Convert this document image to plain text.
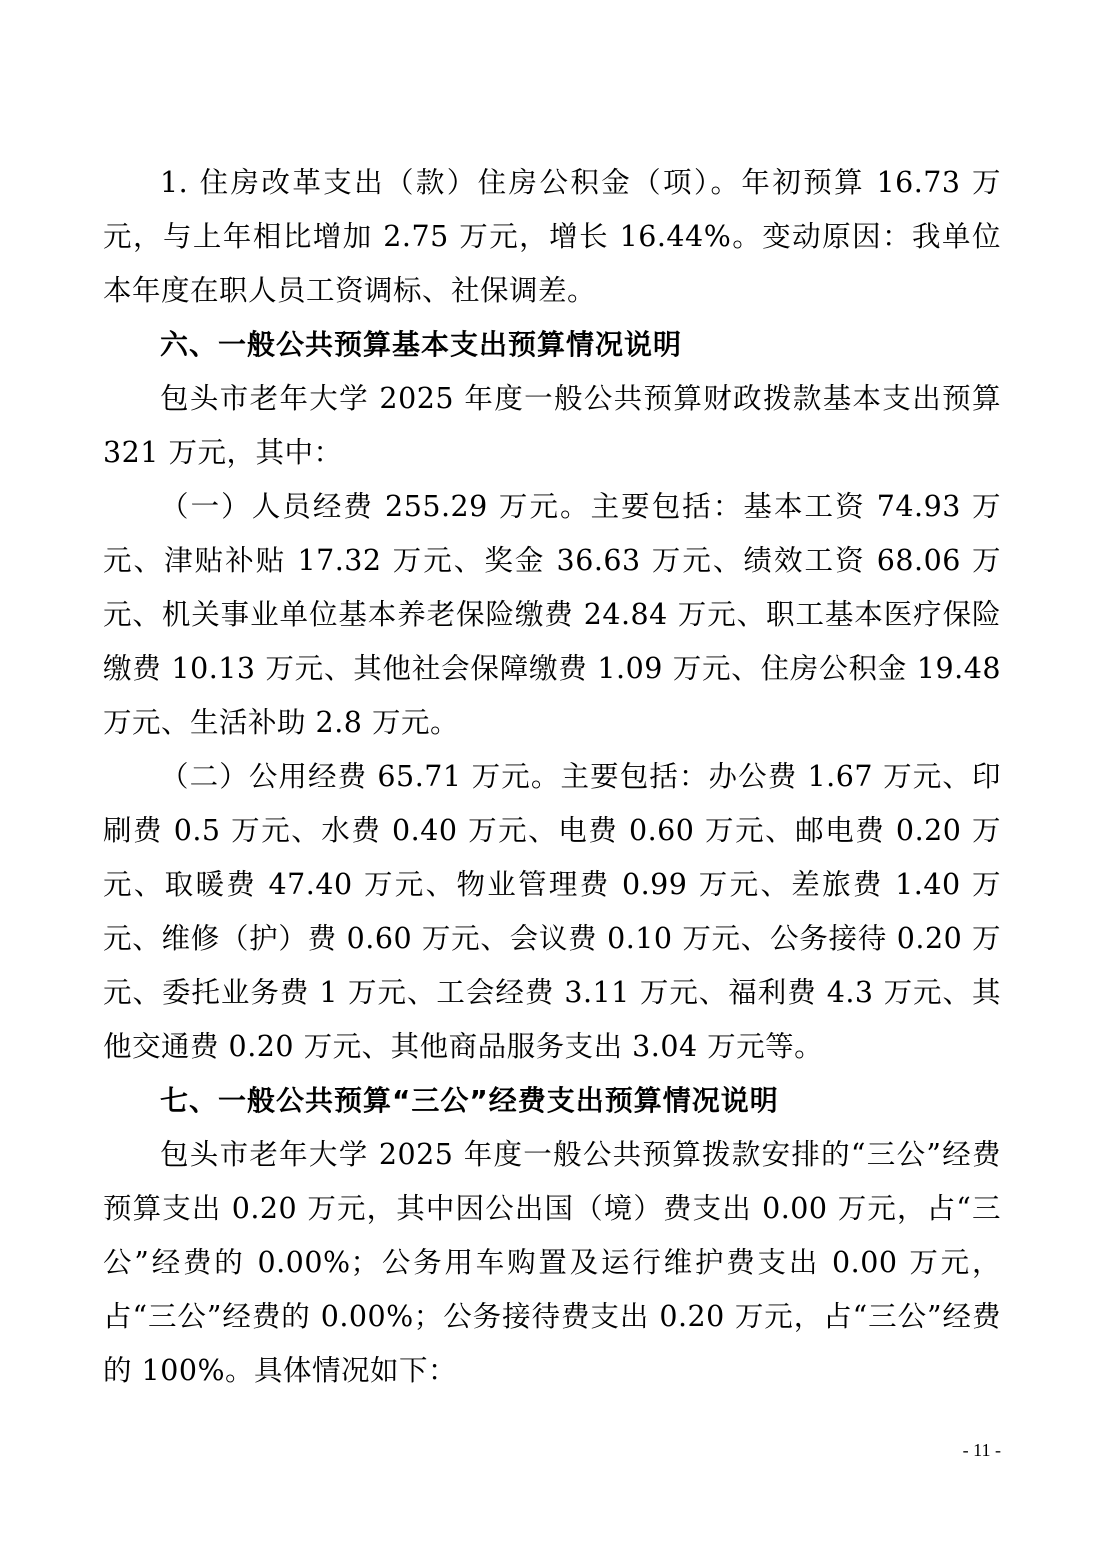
1. 住房改革支出（款）住房公积金（项）。年初预算 16.73 万元，与上年相比增加 2.75 万元，增长 16.44%。变动原因：我单位本年度在职人员工资调标、社保调差。

六、一般公共预算基本支出预算情况说明

包头市老年大学 2025 年度一般公共预算财政拨款基本支出预算321 万元，其中：

（一）人员经费 255.29 万元。主要包括：基本工资 74.93 万元、津贴补贴 17.32 万元、奖金 36.63 万元、绩效工资 68.06 万元、机关事业单位基本养老保险缴费 24.84 万元、职工基本医疗保险缴费 10.13 万元、其他社会保障缴费 1.09 万元、住房公积金 19.48 万元、生活补助 2.8 万元。

（二）公用经费 65.71 万元。主要包括：办公费 1.67 万元、印刷费 0.5 万元、水费 0.40 万元、电费 0.60 万元、邮电费 0.20 万元、取暖费 47.40 万元、物业管理费 0.99 万元、差旅费 1.40 万元、维修（护）费 0.60 万元、会议费 0.10 万元、公务接待 0.20 万元、委托业务费 1 万元、工会经费 3.11 万元、福利费 4.3 万元、其他交通费 0.20 万元、其他商品服务支出 3.04 万元等。

七、一般公共预算“三公”经费支出预算情况说明

包头市老年大学 2025 年度一般公共预算拨款安排的“三公”经费预算支出 0.20 万元，其中因公出国（境）费支出 0.00 万元，占“三公”经费的 0.00%；公务用车购置及运行维护费支出 0.00 万元，占“三公”经费的 0.00%；公务接待费支出 0.20 万元，占“三公”经费的 100%。具体情况如下：

- 11 -
